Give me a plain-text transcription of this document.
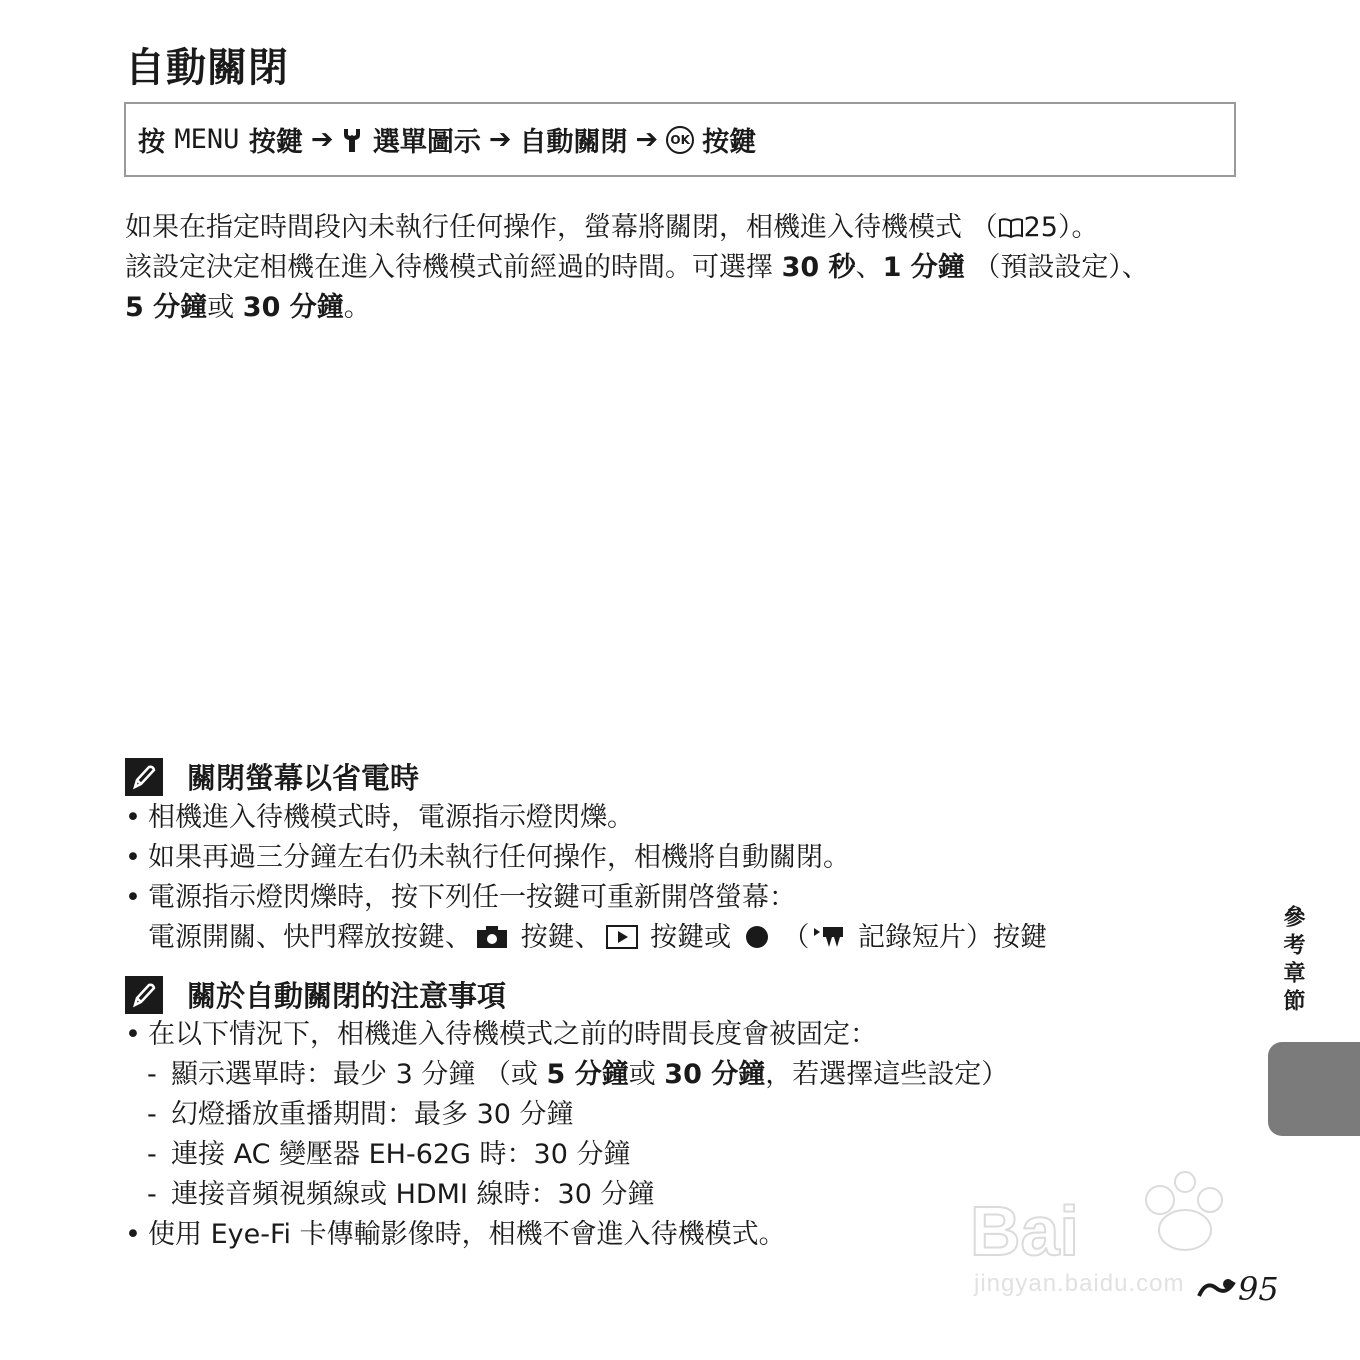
自動關閉
按
MENU
按鍵 ➔
選單圖示 ➔ 自動關閉 ➔	OK 按鍵
如果在指定時間段內未執行任何操作，螢幕將關閉，相機進入待機模式 （ 25）。
該設定決定相機在進入待機模式前經過的時間。可選擇 30 秒、1 分鐘 （預設設定）、
5 分鐘或 30 分鐘。
關閉螢幕以省電時
• 相機進入待機模式時，電源指示燈閃爍。
• 如果再過三分鐘左右仍未執行任何操作，相機將自動關閉。
• 電源指示燈閃爍時，按下列任一按鍵可重新開啓螢幕：
電源開關、快門釋放按鍵、 按鍵、 按鍵或  （ 記錄短片）按鍵
關於自動關閉的注意事項
• 在以下情況下，相機進入待機模式之前的時間長度會被固定：
- 顯示選單時：最少 3 分鐘 （或 5 分鐘或 30 分鐘，若選擇這些設定）
- 幻燈播放重播期間：最多 30 分鐘
- 連接 AC 變壓器 EH-62G 時：30 分鐘
- 連接音頻視頻線或 HDMI 線時：30 分鐘
• 使用 Eye-Fi 卡傳輸影像時，相機不會進入待機模式。
參考章節
Bai
jingyan.baidu.com 95
